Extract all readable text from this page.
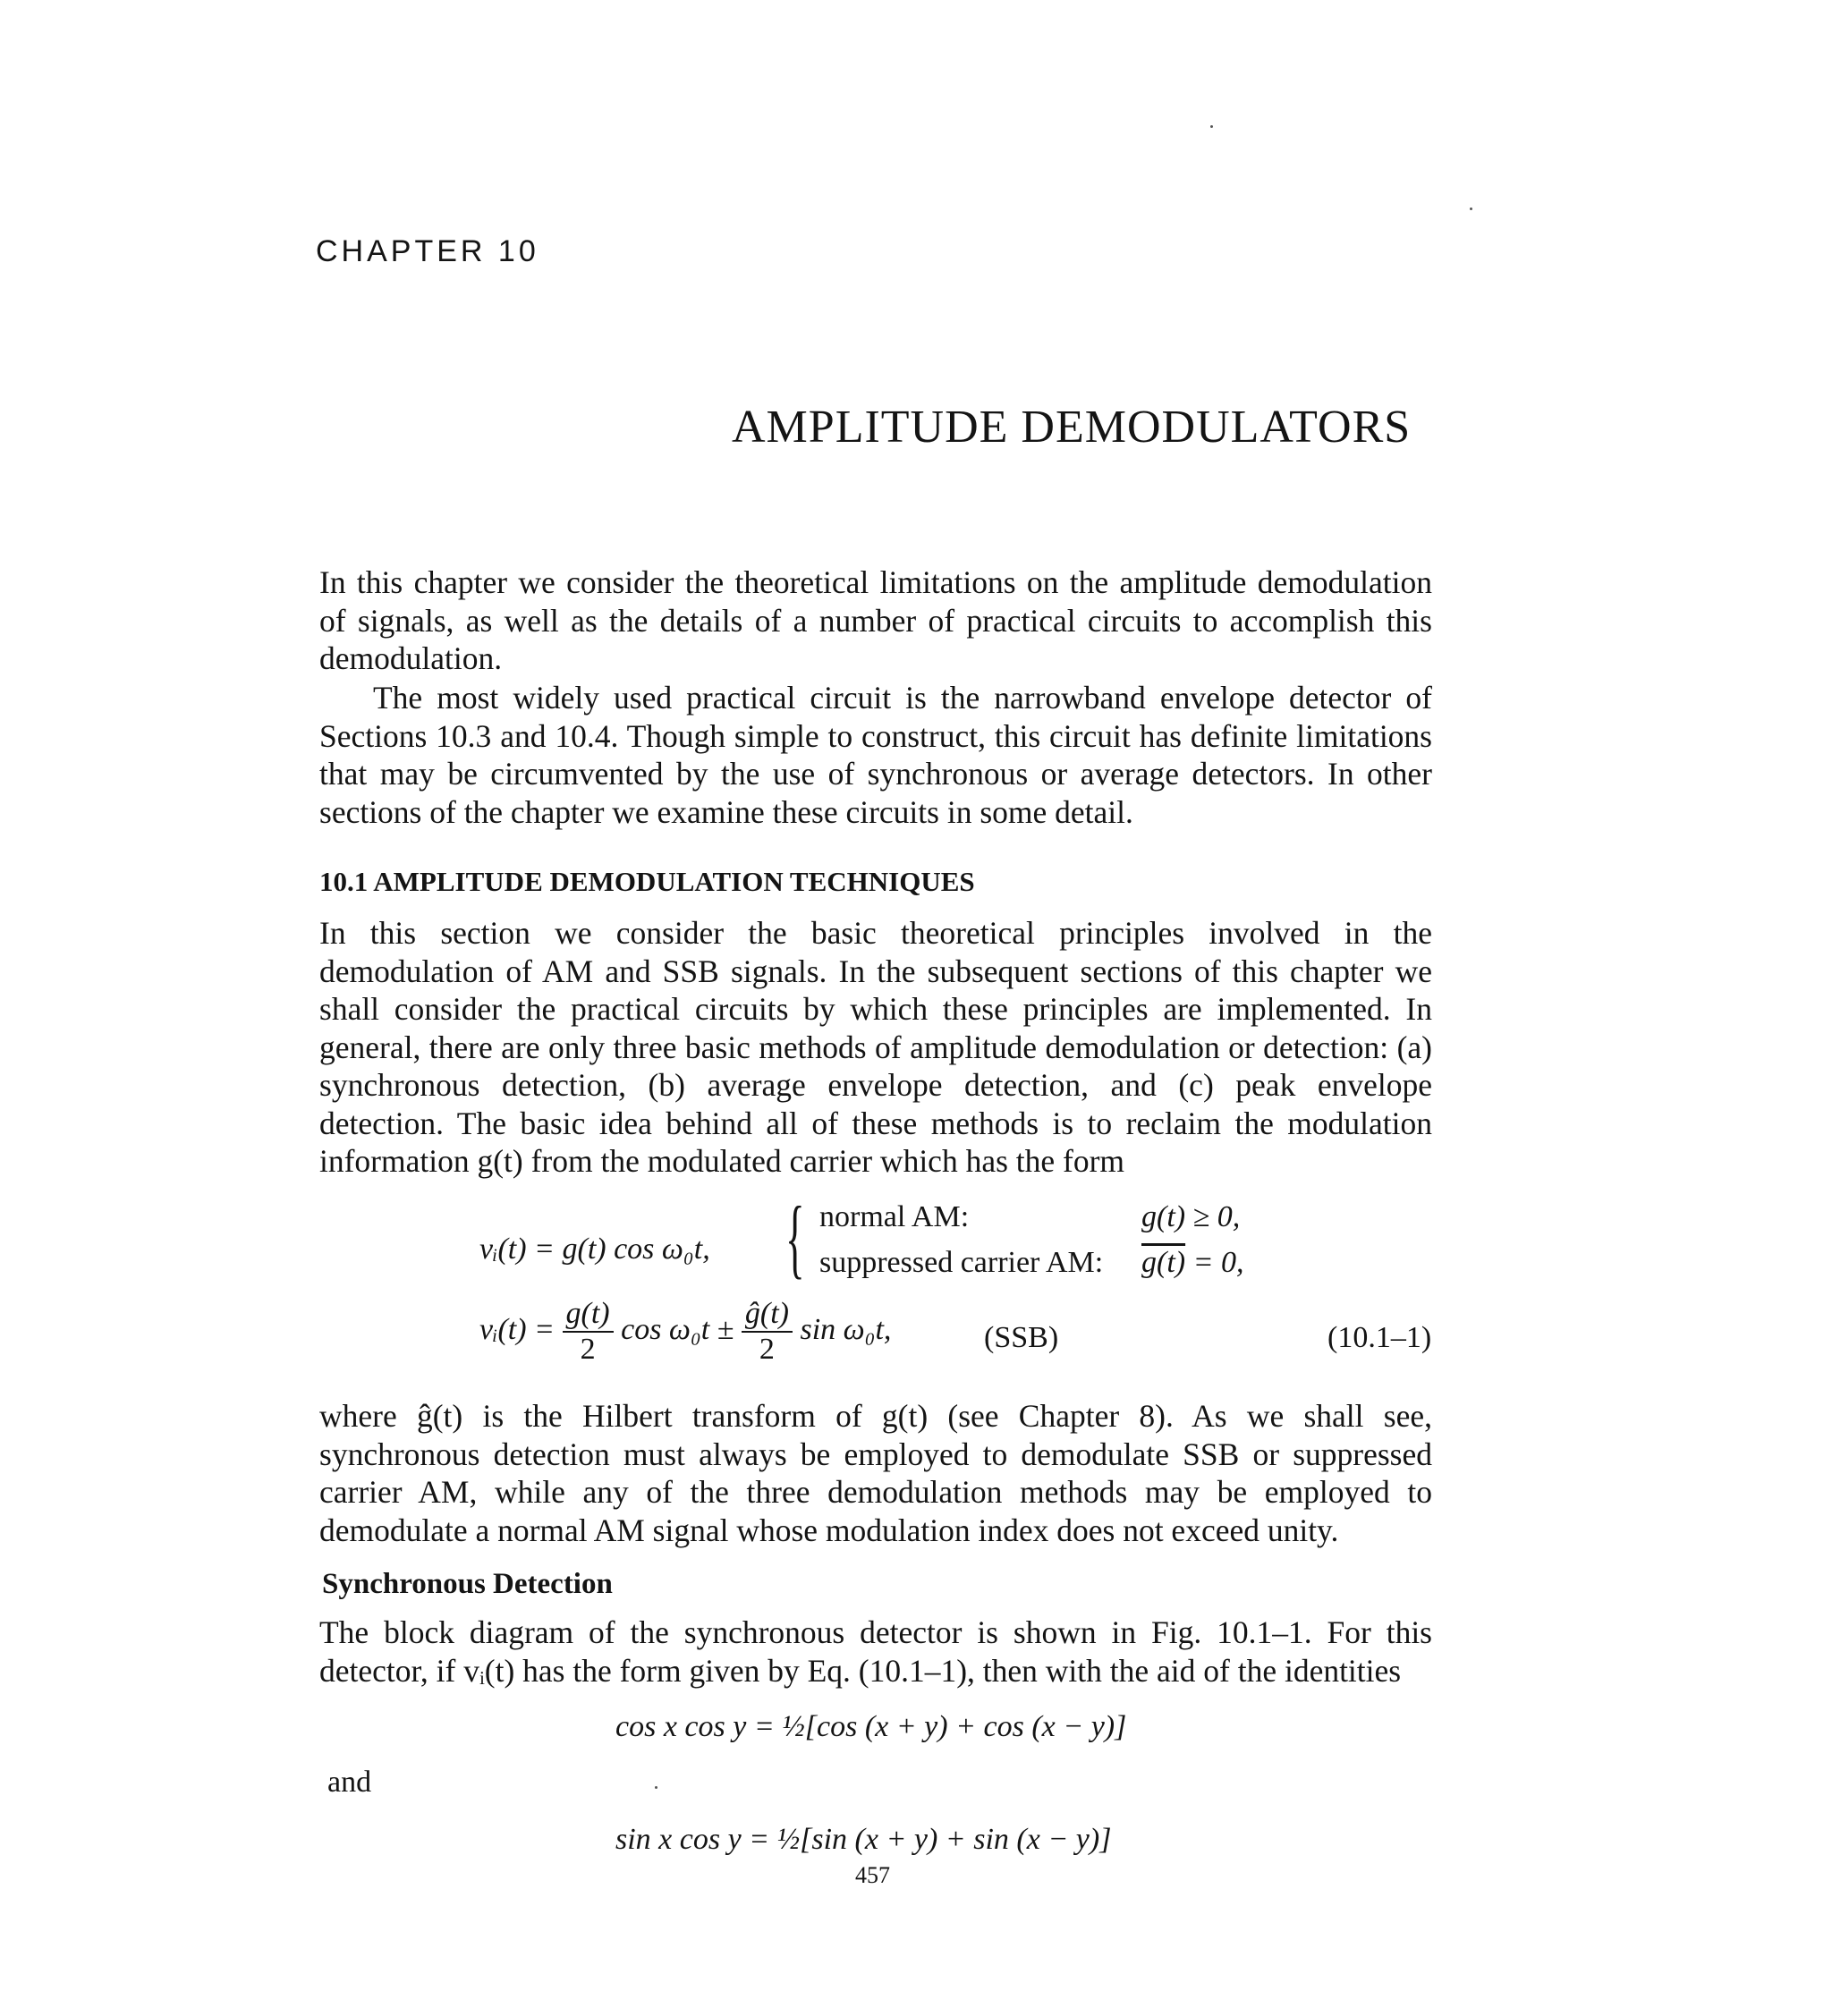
CHAPTER 10
AMPLITUDE DEMODULATORS
In this chapter we consider the theoretical limitations on the amplitude demodulation of signals, as well as the details of a number of practical circuits to accomplish this demodulation.
The most widely used practical circuit is the narrowband envelope detector of Sections 10.3 and 10.4. Though simple to construct, this circuit has definite limitations that may be circumvented by the use of synchronous or average detectors. In other sections of the chapter we examine these circuits in some detail.
10.1 AMPLITUDE DEMODULATION TECHNIQUES
In this section we consider the basic theoretical principles involved in the demodulation of AM and SSB signals. In the subsequent sections of this chapter we shall consider the practical circuits by which these principles are implemented. In general, there are only three basic methods of amplitude demodulation or detection: (a) synchronous detection, (b) average envelope detection, and (c) peak envelope detection. The basic idea behind all of these methods is to reclaim the modulation information g(t) from the modulated carrier which has the form
vᵢ(t) = g(t) cos ω₀t, { normal AM:	g(t) ≥ 0,
suppressed carrier AM: g(t) = 0,
vᵢ(t) = $\frac{g(t)}{2}$ $\cos \omega_0t \pm \frac{ĝ(t)}{2}$ sin ω₀t,	(SSB)	(10.1–1)
where ĝ(t) is the Hilbert transform of g(t) (see Chapter 8). As we shall see, synchronous detection must always be employed to demodulate SSB or suppressed carrier AM, while any of the three demodulation methods may be employed to demodulate a normal AM signal whose modulation index does not exceed unity.
Synchronous Detection
The block diagram of the synchronous detector is shown in Fig. 10.1–1. For this detector, if vᵢ(t) has the form given by Eq. (10.1–1), then with the aid of the identities
cos x cos y = ½[cos (x + y) + cos (x − y)]
and
sin x cos y = ½[sin (x + y) + sin (x − y)]
457
